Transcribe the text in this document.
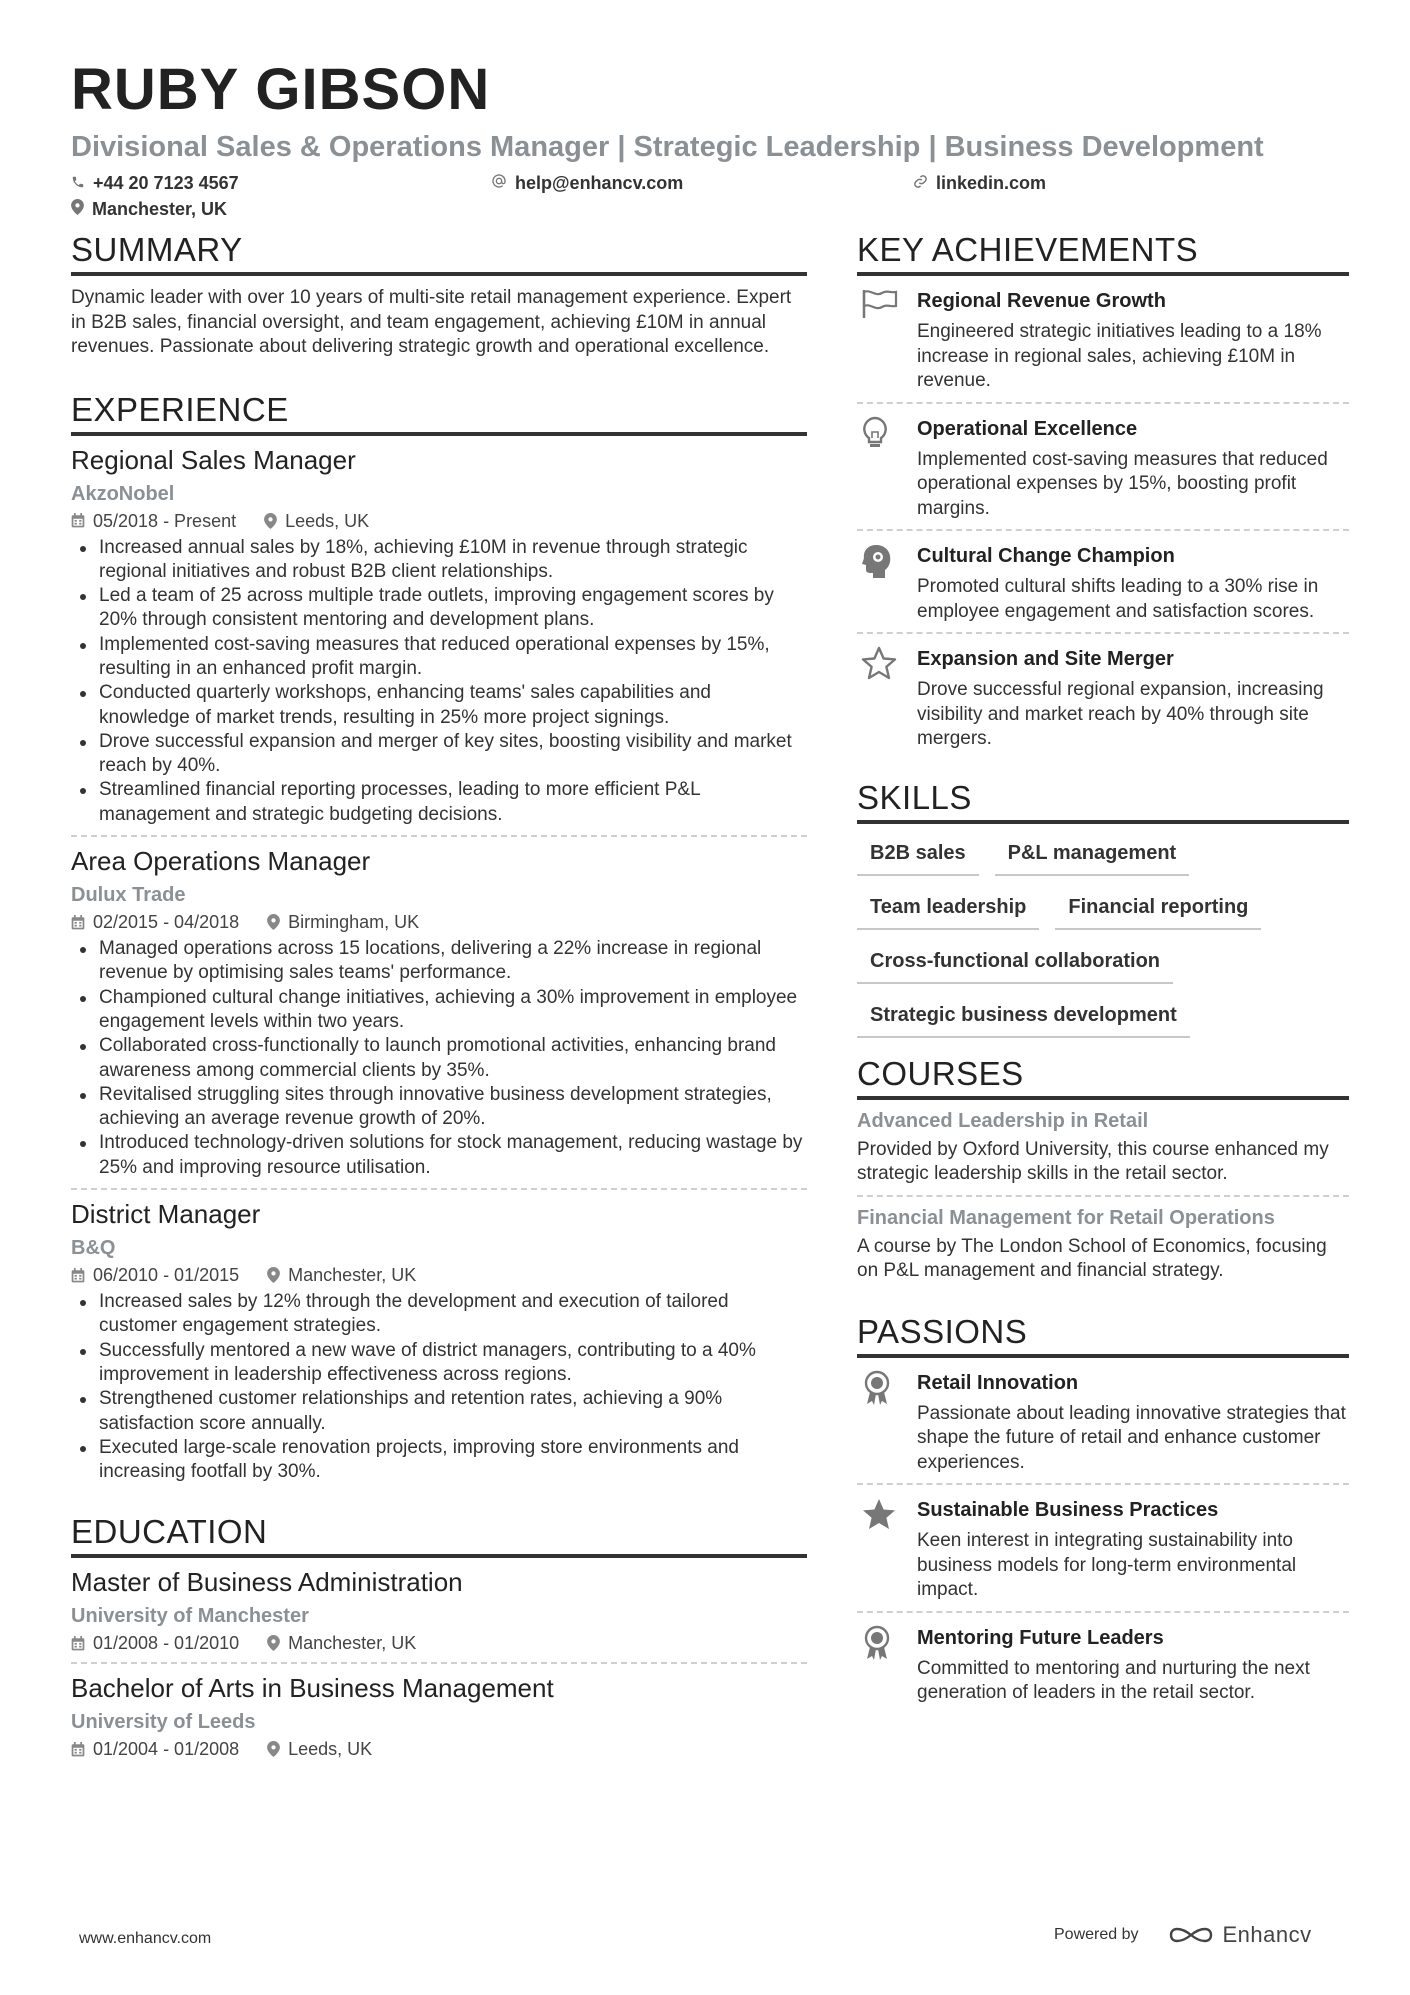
RUBY GIBSON
Divisional Sales & Operations Manager | Strategic Leadership | Business Development
+44 20 7123 4567	help@enhancv.com	linkedin.com
Manchester, UK
SUMMARY
Dynamic leader with over 10 years of multi-site retail management experience. Expert in B2B sales, financial oversight, and team engagement, achieving £10M in annual revenues. Passionate about delivering strategic growth and operational excellence.
EXPERIENCE
Regional Sales Manager
AkzoNobel
05/2018 - Present	Leeds, UK
Increased annual sales by 18%, achieving £10M in revenue through strategic regional initiatives and robust B2B client relationships.
Led a team of 25 across multiple trade outlets, improving engagement scores by 20% through consistent mentoring and development plans.
Implemented cost-saving measures that reduced operational expenses by 15%, resulting in an enhanced profit margin.
Conducted quarterly workshops, enhancing teams' sales capabilities and knowledge of market trends, resulting in 25% more project signings.
Drove successful expansion and merger of key sites, boosting visibility and market reach by 40%.
Streamlined financial reporting processes, leading to more efficient P&L management and strategic budgeting decisions.
Area Operations Manager
Dulux Trade
02/2015 - 04/2018	Birmingham, UK
Managed operations across 15 locations, delivering a 22% increase in regional revenue by optimising sales teams' performance.
Championed cultural change initiatives, achieving a 30% improvement in employee engagement levels within two years.
Collaborated cross-functionally to launch promotional activities, enhancing brand awareness among commercial clients by 35%.
Revitalised struggling sites through innovative business development strategies, achieving an average revenue growth of 20%.
Introduced technology-driven solutions for stock management, reducing wastage by 25% and improving resource utilisation.
District Manager
B&Q
06/2010 - 01/2015	Manchester, UK
Increased sales by 12% through the development and execution of tailored customer engagement strategies.
Successfully mentored a new wave of district managers, contributing to a 40% improvement in leadership effectiveness across regions.
Strengthened customer relationships and retention rates, achieving a 90% satisfaction score annually.
Executed large-scale renovation projects, improving store environments and increasing footfall by 30%.
EDUCATION
Master of Business Administration
University of Manchester
01/2008 - 01/2010	Manchester, UK
Bachelor of Arts in Business Management
University of Leeds
01/2004 - 01/2008	Leeds, UK
KEY ACHIEVEMENTS
Regional Revenue Growth
Engineered strategic initiatives leading to a 18% increase in regional sales, achieving £10M in revenue.
Operational Excellence
Implemented cost-saving measures that reduced operational expenses by 15%, boosting profit margins.
Cultural Change Champion
Promoted cultural shifts leading to a 30% rise in employee engagement and satisfaction scores.
Expansion and Site Merger
Drove successful regional expansion, increasing visibility and market reach by 40% through site mergers.
SKILLS
B2B sales	P&L management
Team leadership	Financial reporting
Cross-functional collaboration
Strategic business development
COURSES
Advanced Leadership in Retail
Provided by Oxford University, this course enhanced my strategic leadership skills in the retail sector.
Financial Management for Retail Operations
A course by The London School of Economics, focusing on P&L management and financial strategy.
PASSIONS
Retail Innovation
Passionate about leading innovative strategies that shape the future of retail and enhance customer experiences.
Sustainable Business Practices
Keen interest in integrating sustainability into business models for long-term environmental impact.
Mentoring Future Leaders
Committed to mentoring and nurturing the next generation of leaders in the retail sector.
www.enhancv.com	Powered by	Enhancv
